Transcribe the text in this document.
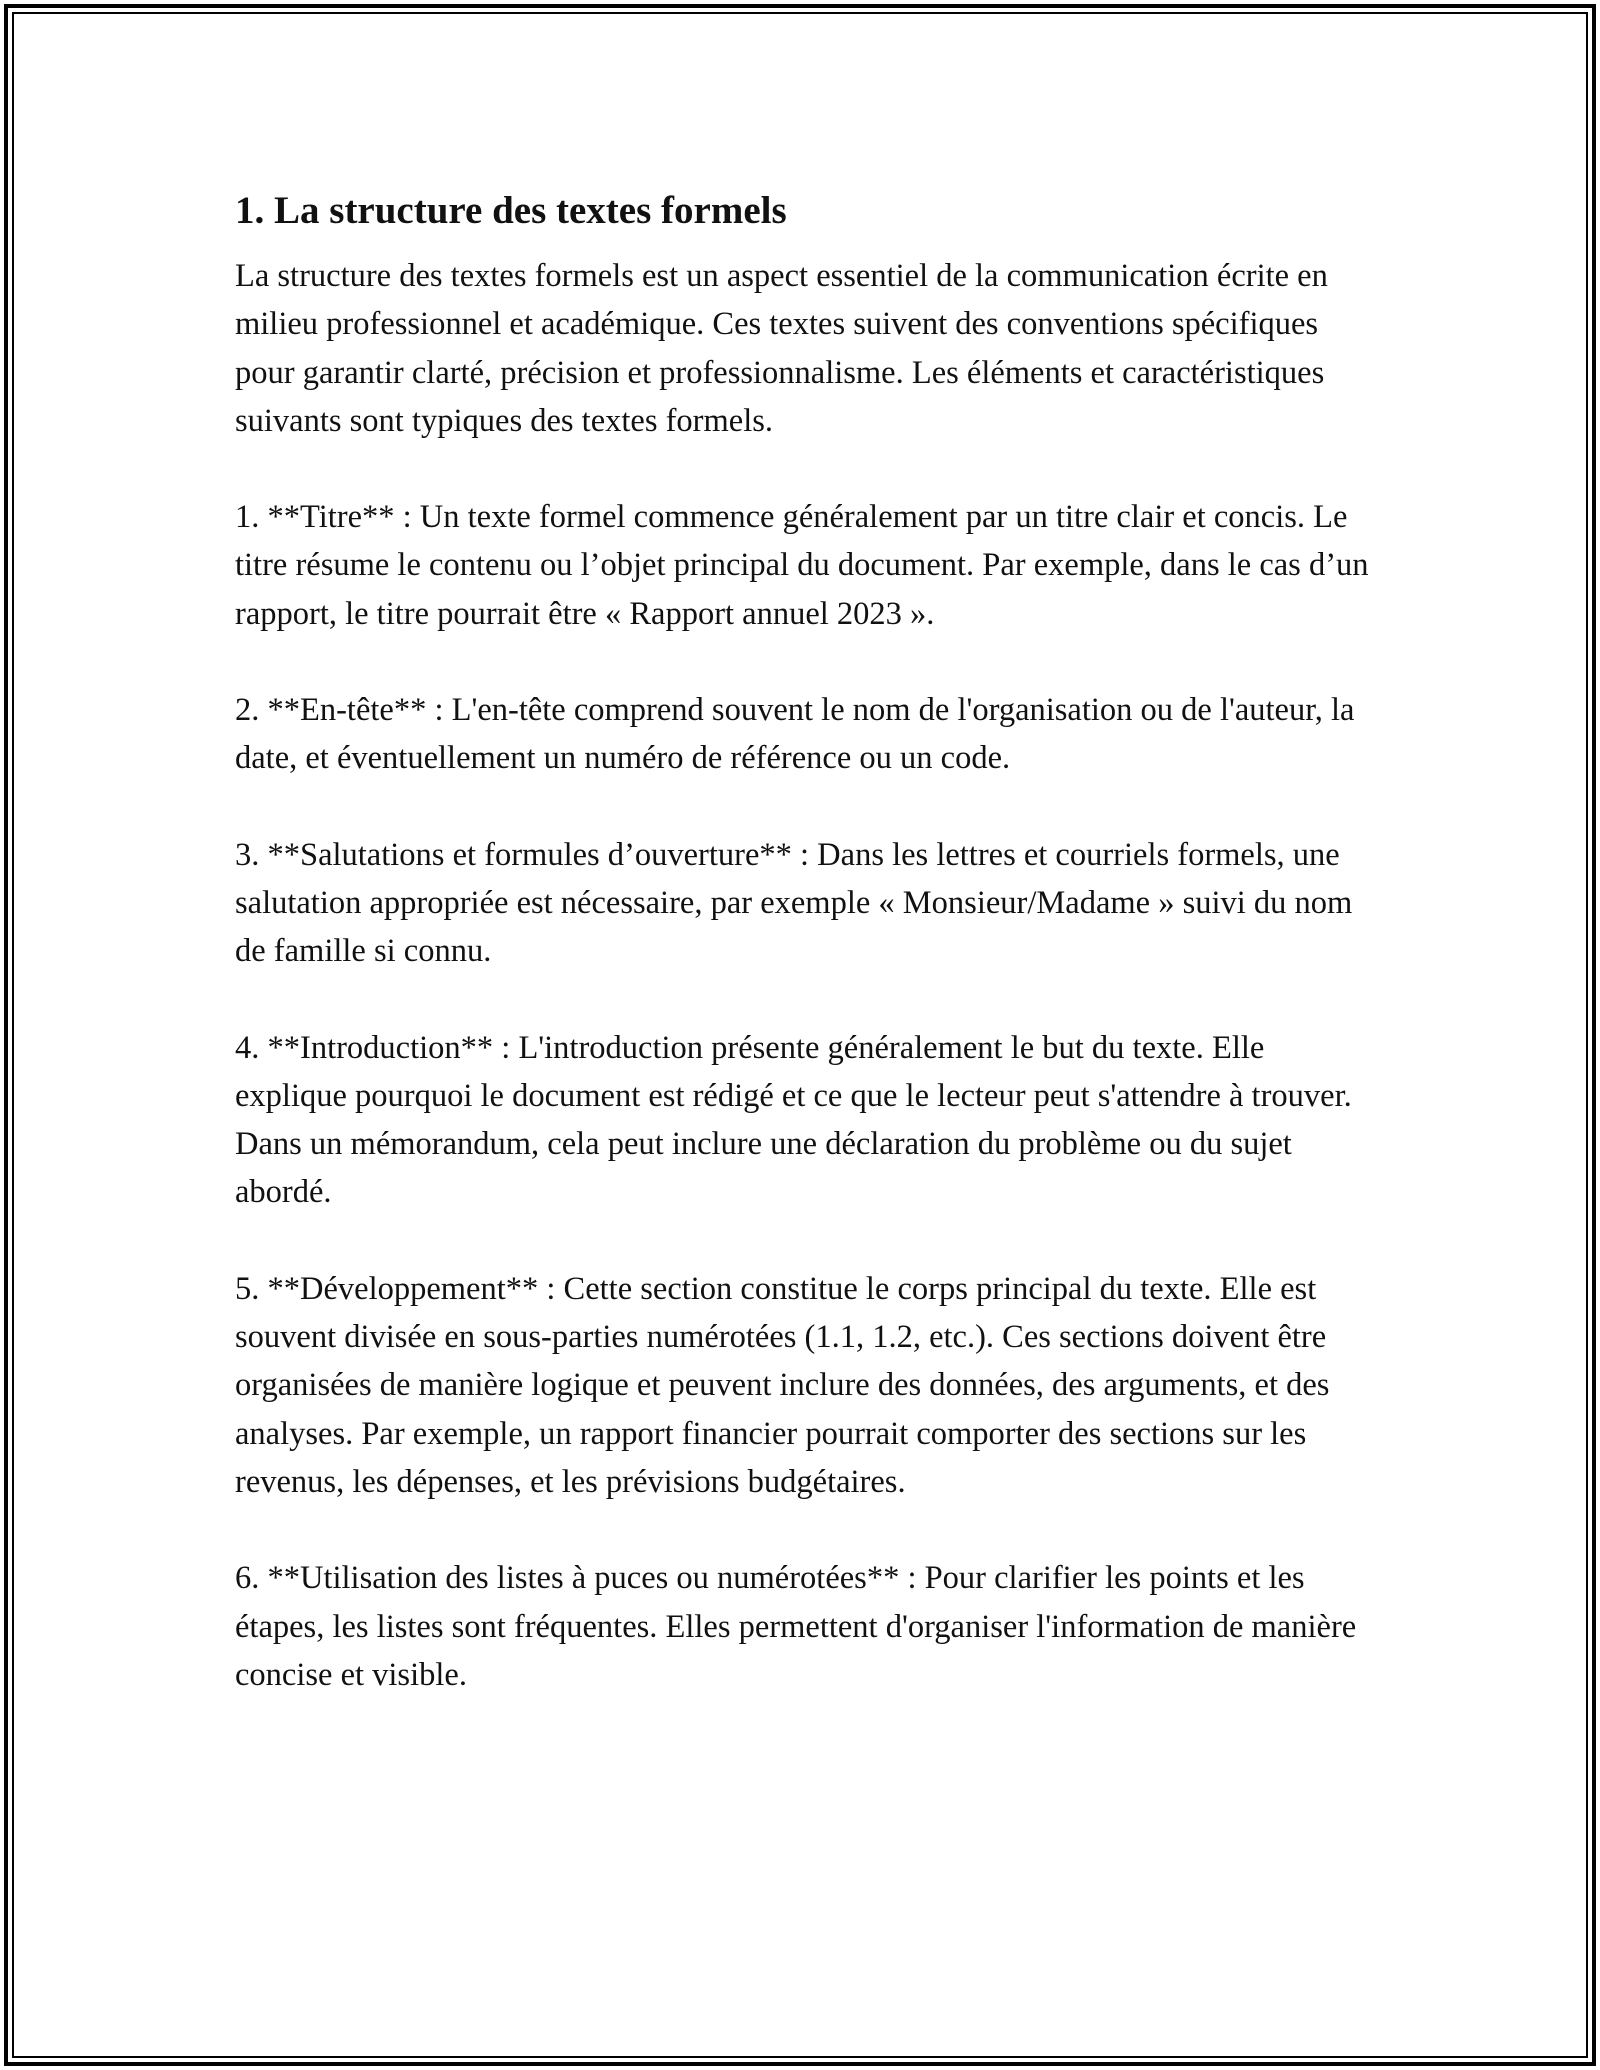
1. La structure des textes formels

La structure des textes formels est un aspect essentiel de la communication écrite en milieu professionnel et académique. Ces textes suivent des conventions spécifiques pour garantir clarté, précision et professionnalisme. Les éléments et caractéristiques suivants sont typiques des textes formels.

1. **Titre** : Un texte formel commence généralement par un titre clair et concis. Le titre résume le contenu ou l’objet principal du document. Par exemple, dans le cas d’un rapport, le titre pourrait être « Rapport annuel 2023 ».

2. **En-tête** : L'en-tête comprend souvent le nom de l'organisation ou de l'auteur, la date, et éventuellement un numéro de référence ou un code.

3. **Salutations et formules d’ouverture** : Dans les lettres et courriels formels, une salutation appropriée est nécessaire, par exemple « Monsieur/Madame » suivi du nom de famille si connu.

4. **Introduction** : L'introduction présente généralement le but du texte. Elle explique pourquoi le document est rédigé et ce que le lecteur peut s'attendre à trouver. Dans un mémorandum, cela peut inclure une déclaration du problème ou du sujet abordé.

5. **Développement** : Cette section constitue le corps principal du texte. Elle est souvent divisée en sous-parties numérotées (1.1, 1.2, etc.). Ces sections doivent être organisées de manière logique et peuvent inclure des données, des arguments, et des analyses. Par exemple, un rapport financier pourrait comporter des sections sur les revenus, les dépenses, et les prévisions budgétaires.

6. **Utilisation des listes à puces ou numérotées** : Pour clarifier les points et les étapes, les listes sont fréquentes. Elles permettent d'organiser l'information de manière concise et visible.
